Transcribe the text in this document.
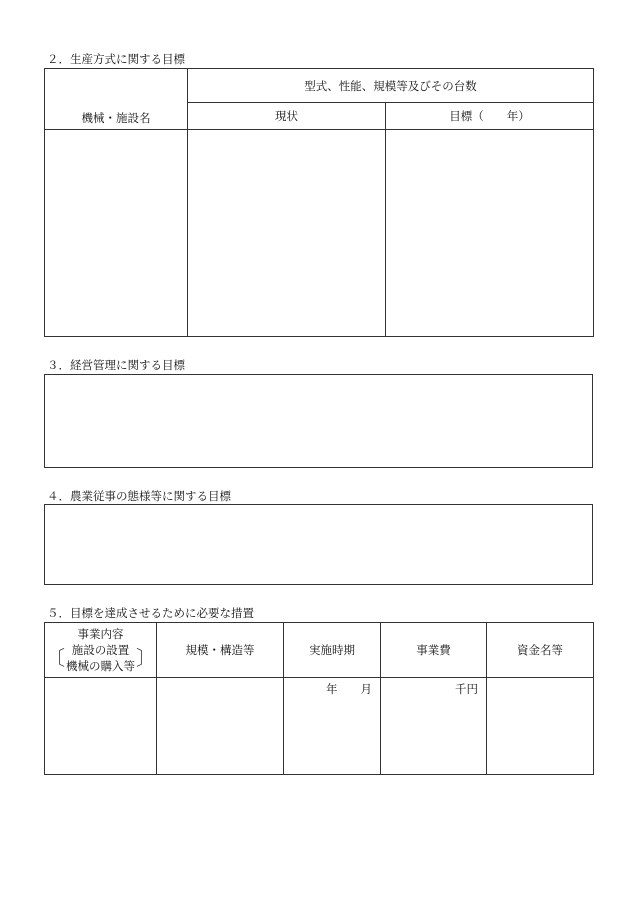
２．生産方式に関する目標
機械・施設名	型式、性能、規模等及びその台数	
	現状	目標（　　年）

３．経営管理に関する目標
４．農業従事の態様等に関する目標
５．目標を達成させるために必要な措置
事業内容
〔 施設の設置
機械の購入等 〕	規模・構造等	実施時期	事業費	資金名等
		年　　月	千円	
